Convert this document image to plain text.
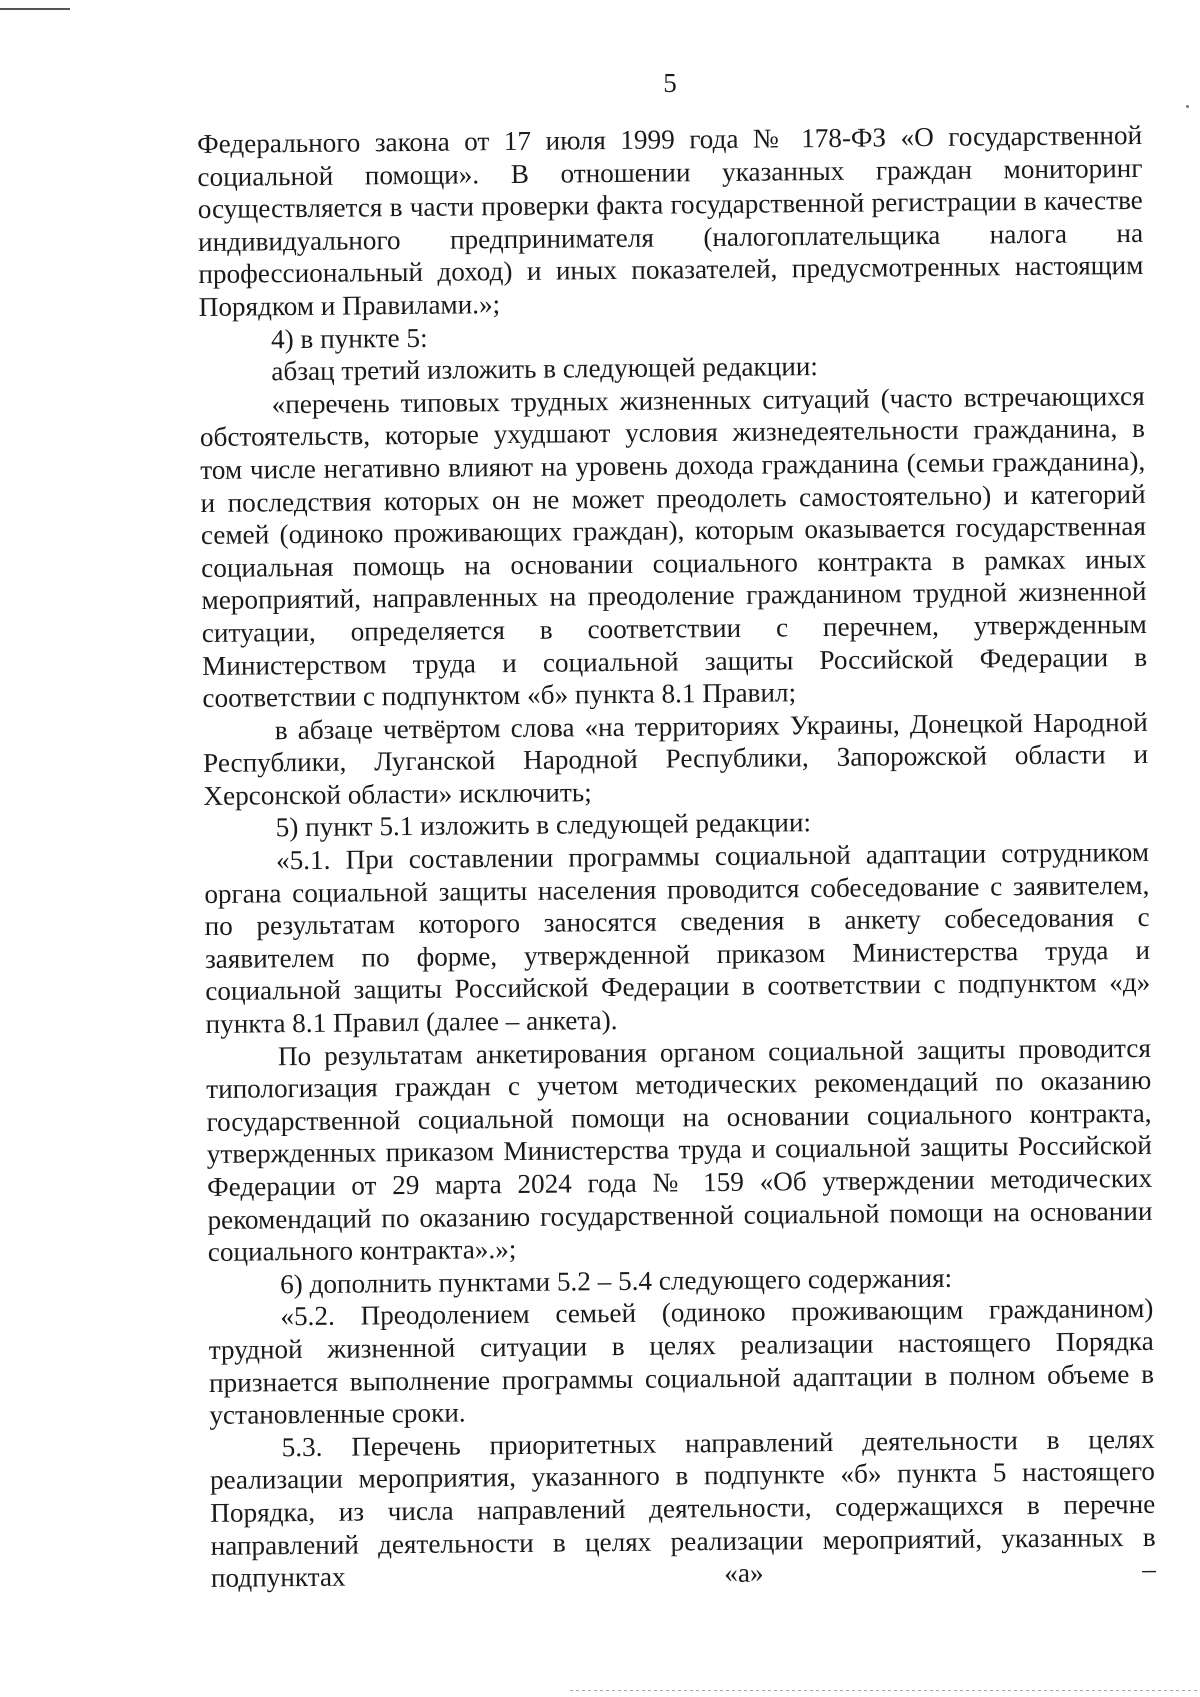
5

Федерального закона от 17 июля 1999 года № 178-ФЗ «О государственной социальной помощи». В отношении указанных граждан мониторинг осуществляется в части проверки факта государственной регистрации в качестве индивидуального предпринимателя (налогоплательщика налога на профессиональный доход) и иных показателей, предусмотренных настоящим Порядком и Правилами.»;

4) в пункте 5:

абзац третий изложить в следующей редакции:

«перечень типовых трудных жизненных ситуаций (часто встречающихся обстоятельств, которые ухудшают условия жизнедеятельности гражданина, в том числе негативно влияют на уровень дохода гражданина (семьи гражданина), и последствия которых он не может преодолеть самостоятельно) и категорий семей (одиноко проживающих граждан), которым оказывается государственная социальная помощь на основании социального контракта в рамках иных мероприятий, направленных на преодоление гражданином трудной жизненной ситуации, определяется в соответствии с перечнем, утвержденным Министерством труда и социальной защиты Российской Федерации в соответствии с подпунктом «б» пункта 8.1 Правил;

в абзаце четвёртом слова «на территориях Украины, Донецкой Народной Республики, Луганской Народной Республики, Запорожской области и Херсонской области» исключить;

5) пункт 5.1 изложить в следующей редакции:

«5.1. При составлении программы социальной адаптации сотрудником органа социальной защиты населения проводится собеседование с заявителем, по результатам которого заносятся сведения в анкету собеседования с заявителем по форме, утвержденной приказом Министерства труда и социальной защиты Российской Федерации в соответствии с подпунктом «д» пункта 8.1 Правил (далее – анкета).

По результатам анкетирования органом социальной защиты проводится типологизация граждан с учетом методических рекомендаций по оказанию государственной социальной помощи на основании социального контракта, утвержденных приказом Министерства труда и социальной защиты Российской Федерации от 29 марта 2024 года № 159 «Об утверждении методических рекомендаций по оказанию государственной социальной помощи на основании социального контракта».»;

6) дополнить пунктами 5.2 – 5.4 следующего содержания:

«5.2. Преодолением семьей (одиноко проживающим гражданином) трудной жизненной ситуации в целях реализации настоящего Порядка признается выполнение программы социальной адаптации в полном объеме в установленные сроки.

5.3. Перечень приоритетных направлений деятельности в целях реализации мероприятия, указанного в подпункте «б» пункта 5 настоящего Порядка, из числа направлений деятельности, содержащихся в перечне направлений деятельности в целях реализации мероприятий, указанных в подпунктах «а» –
